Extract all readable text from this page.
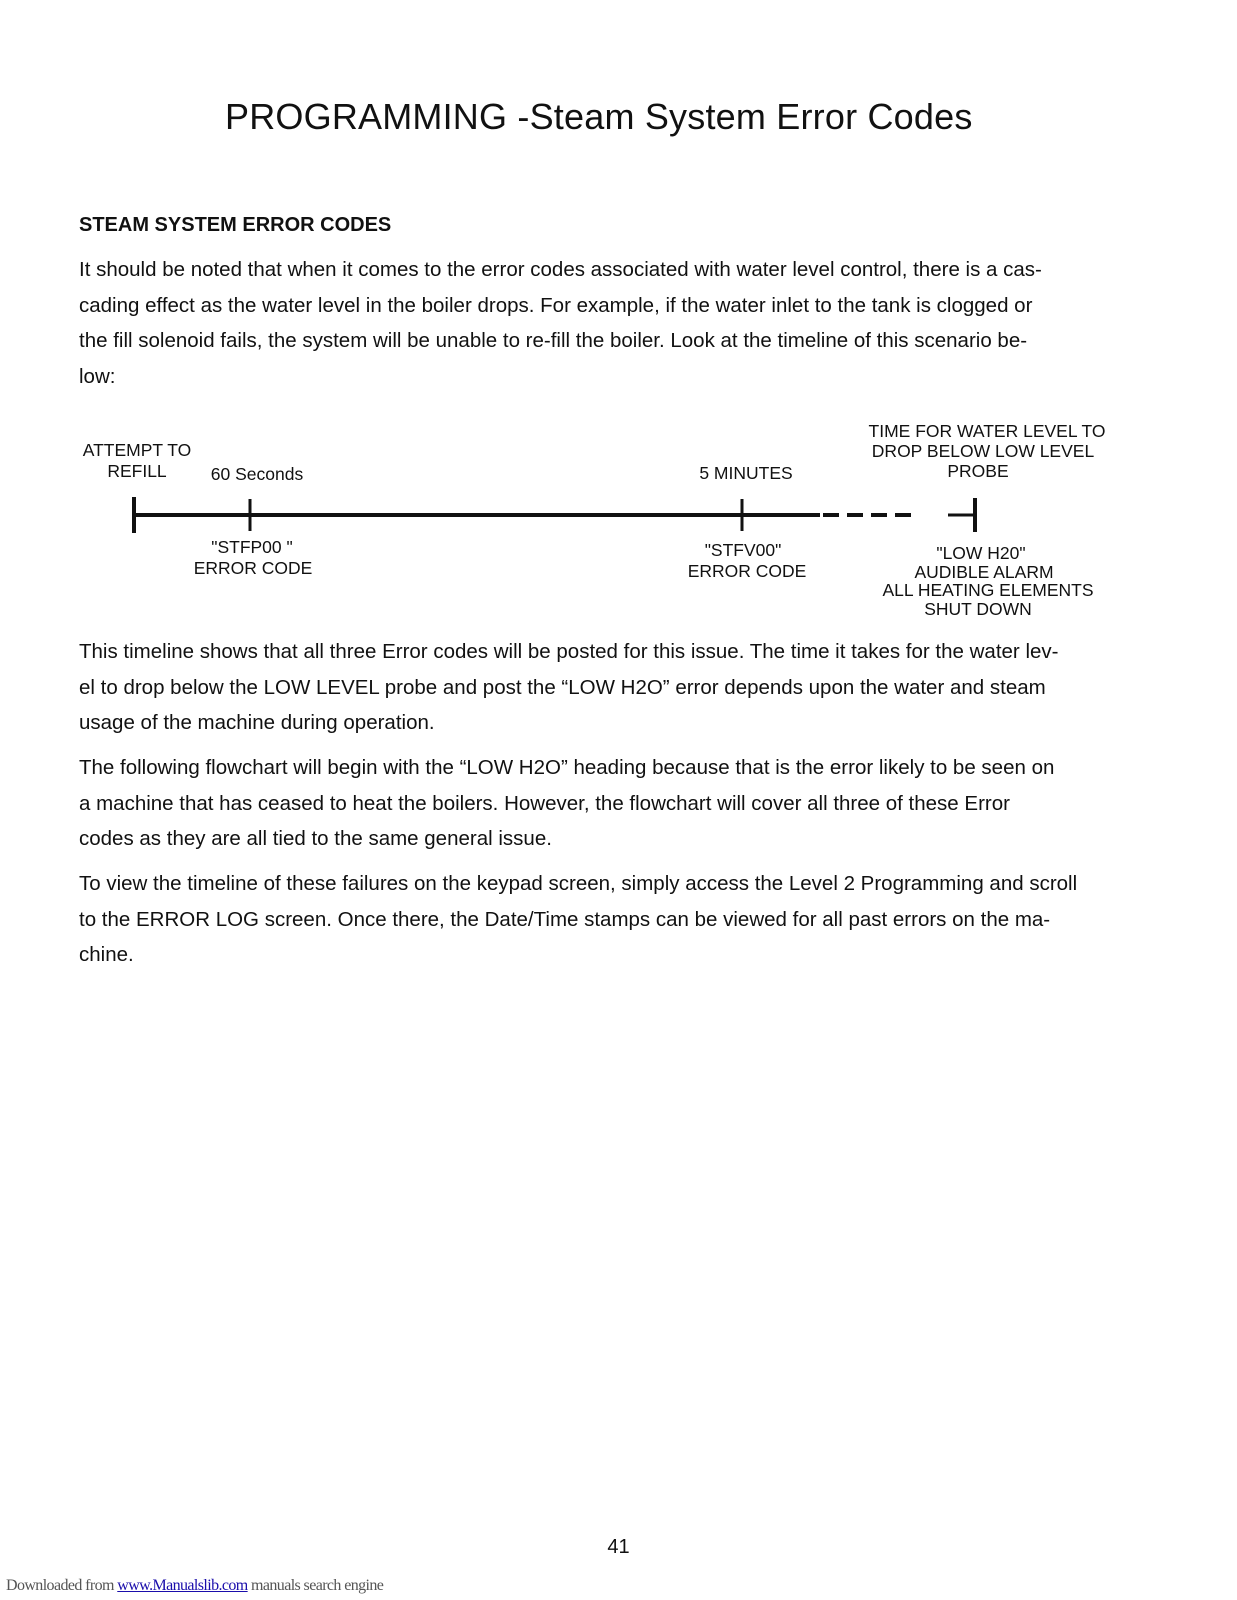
PROGRAMMING -Steam System Error Codes
STEAM SYSTEM ERROR CODES

It should be noted that when it comes to the error codes associated with water level control, there is a cas-
cading effect as the water level in the boiler drops. For example, if the water inlet to the tank is clogged or
the fill solenoid fails, the system will be unable to re-fill the boiler. Look at the timeline of this scenario be-
low:

ATTEMPT TO
REFILL	60 Seconds	5 MINUTES
TIME FOR WATER LEVEL TO
DROP BELOW LOW LEVEL
PROBE
"STFP00 "
ERROR CODE
"STFV00"
ERROR CODE
"LOW H20"
AUDIBLE ALARM
ALL HEATING ELEMENTS
SHUT DOWN

This timeline shows that all three Error codes will be posted for this issue. The time it takes for the water lev-
el to drop below the LOW LEVEL probe and post the “LOW H2O” error depends upon the water and steam
usage of the machine during operation.

The following flowchart will begin with the “LOW H2O” heading because that is the error likely to be seen on
a machine that has ceased to heat the boilers. However, the flowchart will cover all three of these Error
codes as they are all tied to the same general issue.

To view the timeline of these failures on the keypad screen, simply access the Level 2 Programming and scroll
to the ERROR LOG screen. Once there, the Date/Time stamps can be viewed for all past errors on the ma-
chine.

41

Downloaded from www.Manualslib.com manuals search engine
